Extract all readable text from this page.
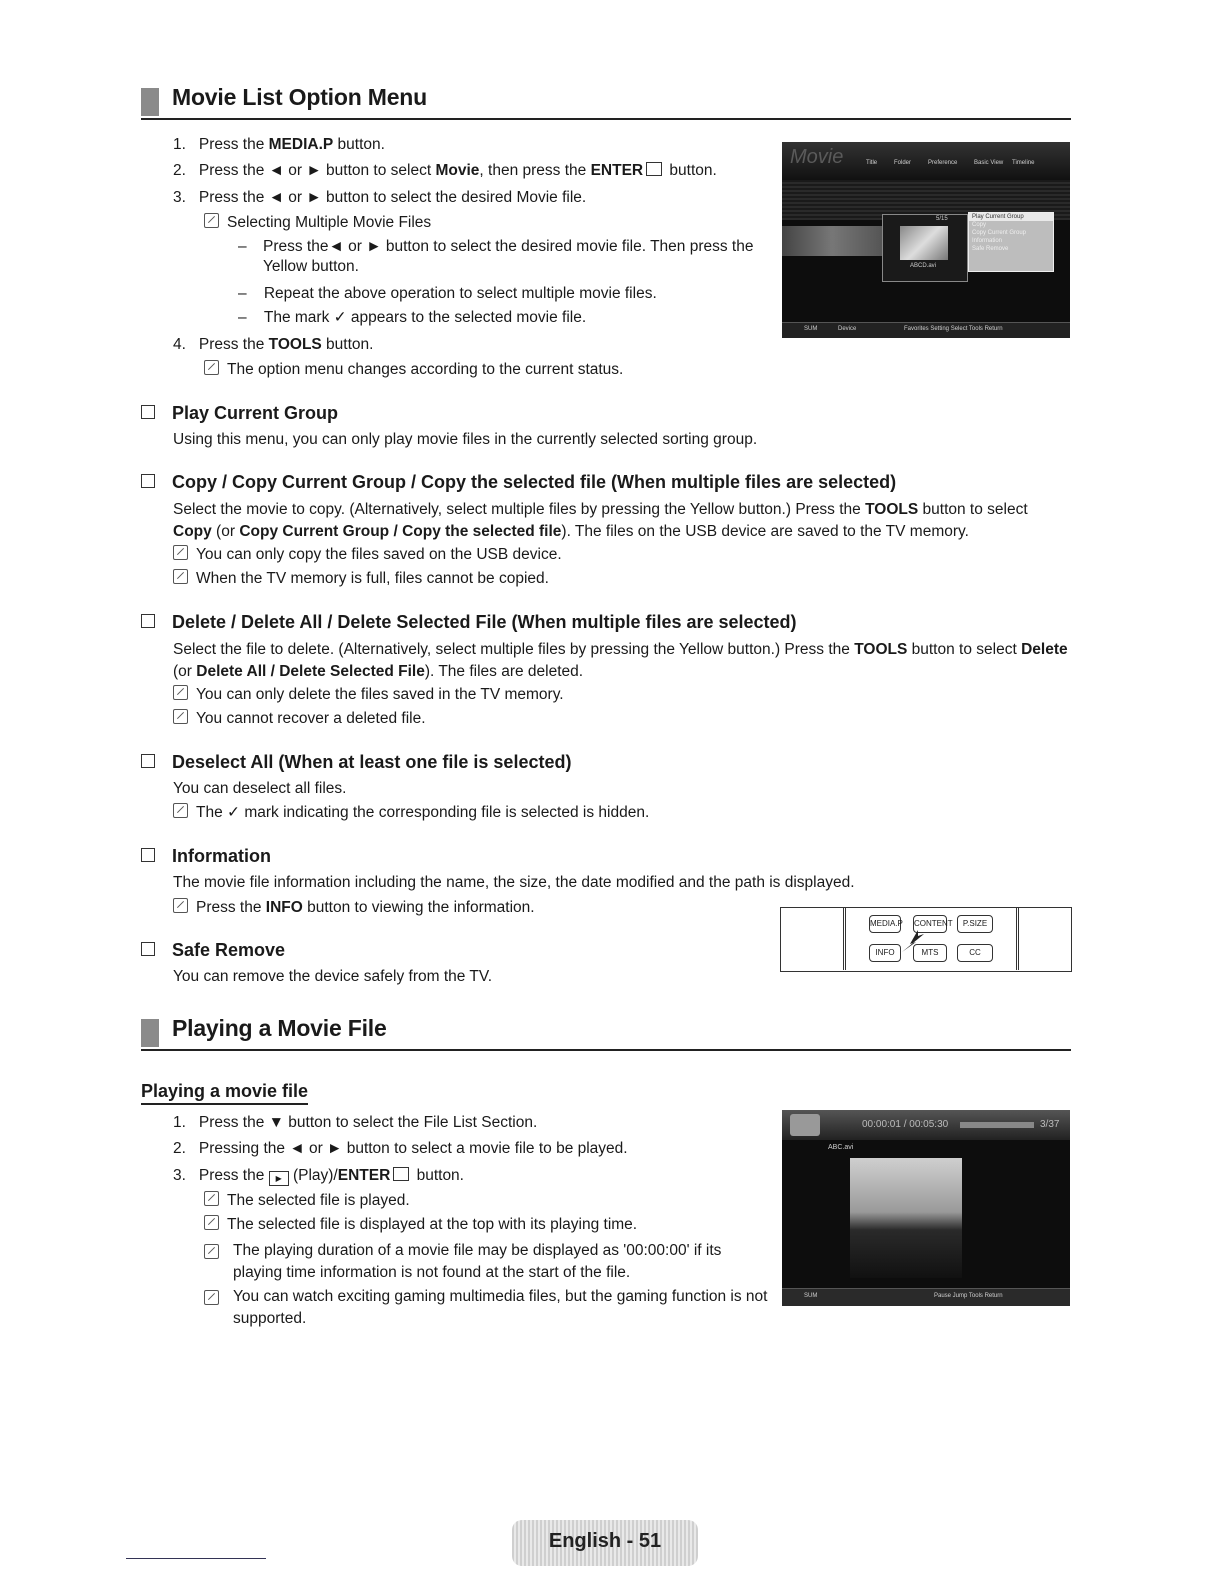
Movie List Option Menu
1. Press the MEDIA.P button.
2. Press the ◄ or ► button to select Movie, then press the ENTER button.
3. Press the ◄ or ► button to select the desired Movie file.
Selecting Multiple Movie Files
– Press the◄ or ► button to select the desired movie file. Then press the Yellow button.
– Repeat the above operation to select multiple movie files.
– The mark ✓ appears to the selected movie file.
4. Press the TOOLS button.
The option menu changes according to the current status.
Movie	Title	Folder	Preference	Basic View Timeline
5/15
ABCD.avi
Play Current Group
Copy
Copy Current Group
Information
Safe Remove
SUM	Device	Favorites Setting Select Tools Return
Play Current Group
Using this menu, you can only play movie files in the currently selected sorting group.
Copy / Copy Current Group / Copy the selected file (When multiple files are selected)
Select the movie to copy. (Alternatively, select multiple files by pressing the Yellow button.) Press the TOOLS button to select Copy (or Copy Current Group / Copy the selected file). The files on the USB device are saved to the TV memory.
You can only copy the files saved on the USB device.
When the TV memory is full, files cannot be copied.
Delete / Delete All / Delete Selected File (When multiple files are selected)
Select the file to delete. (Alternatively, select multiple files by pressing the Yellow button.) Press the TOOLS button to select Delete (or Delete All / Delete Selected File). The files are deleted.
You can only delete the files saved in the TV memory.
You cannot recover a deleted file.
Deselect All (When at least one file is selected)
You can deselect all files.
The ✓ mark indicating the corresponding file is selected is hidden.
Information
The movie file information including the name, the size, the date modified and the path is displayed.
Press the INFO button to viewing the information.
MEDIA.P CONTENT	P.SIZE
INFO	MTS	CC
Safe Remove
You can remove the device safely from the TV.
Playing a Movie File
Playing a movie file
1. Press the ▼ button to select the File List Section.
2. Pressing the ◄ or ► button to select a movie file to be played.
3. Press the ▶ (Play)/ENTER button.
The selected file is played.
The selected file is displayed at the top with its playing time.
The playing duration of a movie file may be displayed as '00:00:00' if its playing time information is not found at the start of the file.
You can watch exciting gaming multimedia files, but the gaming function is not supported.
00:00:01 / 00:05:30	3/37
ABC.avi
SUM	Pause Jump Tools Return
English - 51
